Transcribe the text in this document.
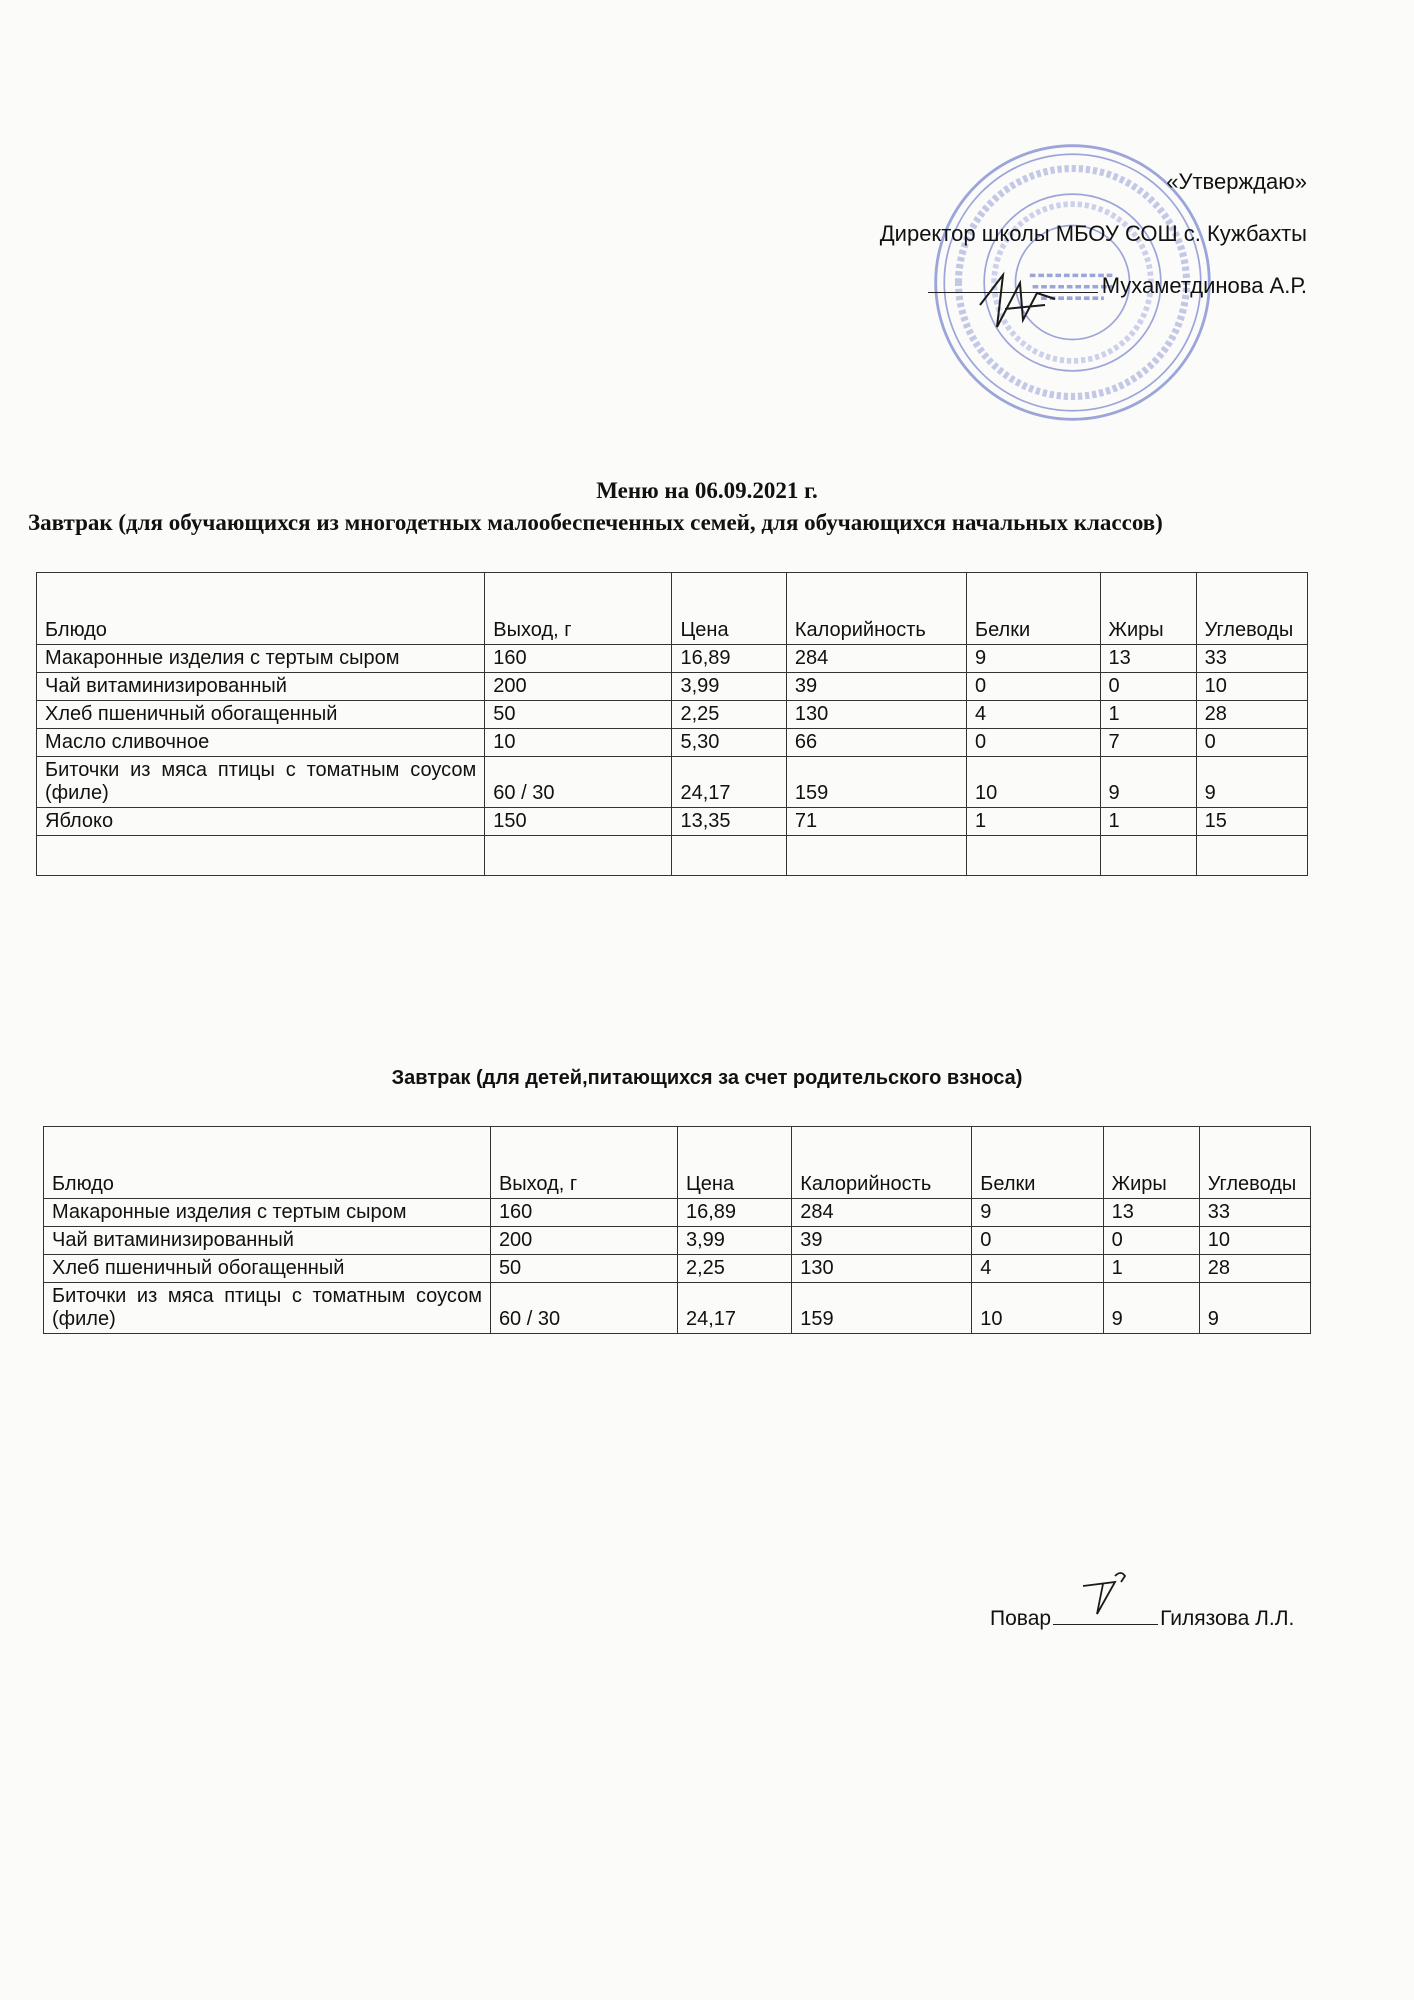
«Утверждаю»
Директор школы МБОУ СОШ с. Кужбахты
Мухаметдинова А.Р.
Меню на 06.09.2021 г.
Завтрак (для обучающихся из многодетных малообеспеченных семей, для обучающихся начальных классов)
Блюдо	Выход, г	Цена	Калорийность	Белки	Жиры	Углеводы
Макаронные изделия с тертым сыром	160	16,89	284	9	13	33
Чай витаминизированный	200	3,99	39	0	0	10
Хлеб пшеничный обогащенный	50	2,25	130	4	1	28
Масло сливочное	10	5,30	66	0	7	0
Биточки из мяса птицы с томатным соусом (филе)	60 / 30	24,17	159	10	9	9
Яблоко	150	13,35	71	1	1	15

Завтрак (для детей,питающихся за счет родительского взноса)
Блюдо	Выход, г	Цена	Калорийность	Белки	Жиры	Углеводы
Макаронные изделия с тертым сыром	160	16,89	284	9	13	33
Чай витаминизированный	200	3,99	39	0	0	10
Хлеб пшеничный обогащенный	50	2,25	130	4	1	28
Биточки из мяса птицы с томатным соусом (филе)	60 / 30	24,17	159	10	9	9
Повар	Гилязова Л.Л.
